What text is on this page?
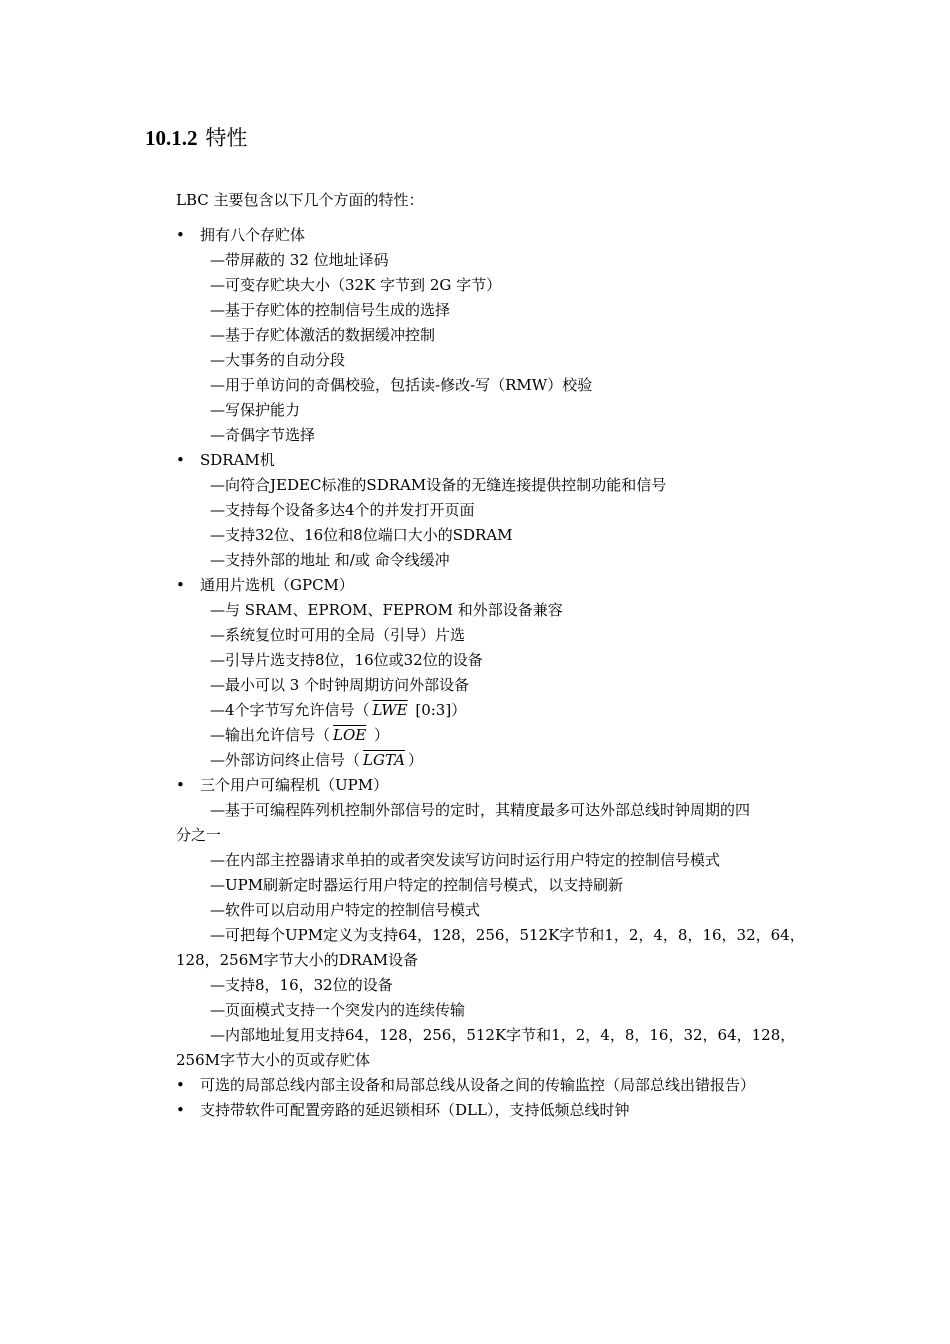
10.1.2 特性
LBC 主要包含以下几个方面的特性：
• 拥有八个存贮体
—带屏蔽的 32 位地址译码
—可变存贮块大小（32K 字节到 2G 字节）
—基于存贮体的控制信号生成的选择
—基于存贮体激活的数据缓冲控制
—大事务的自动分段
—用于单访问的奇偶校验，包括读-修改-写（RMW）校验
—写保护能力
—奇偶字节选择
• SDRAM机
—向符合JEDEC标准的SDRAM设备的无缝连接提供控制功能和信号
—支持每个设备多达4个的并发打开页面
—支持32位、16位和8位端口大小的SDRAM
—支持外部的地址 和/或 命令线缓冲
• 通用片选机（GPCM）
—与 SRAM、EPROM、FEPROM 和外部设备兼容
—系统复位时可用的全局（引导）片选
—引导片选支持8位，16位或32位的设备
—最小可以 3 个时钟周期访问外部设备
—4个字节写允许信号（ $\overline{LWE}$ [0:3]）
—输出允许信号（ $\overline{LOE}$ ）
—外部访问终止信号（ LGTA ）
• 三个用户可编程机（UPM）
—基于可编程阵列机控制外部信号的定时，其精度最多可达外部总线时钟周期的四
分之一
—在内部主控器请求单拍的或者突发读写访问时运行用户特定的控制信号模式
—UPM刷新定时器运行用户特定的控制信号模式，以支持刷新
—软件可以启动用户特定的控制信号模式
—可把每个UPM定义为支持64，128，256，512K字节和1，2，4，8，16，32，64，
128，256M字节大小的DRAM设备
—支持8，16，32位的设备
—页面模式支持一个突发内的连续传输
—内部地址复用支持64，128，256，512K字节和1，2，4，8，16，32，64，128，
256M字节大小的页或存贮体
• 可选的局部总线内部主设备和局部总线从设备之间的传输监控（局部总线出错报告）
• 支持带软件可配置旁路的延迟锁相环（DLL），支持低频总线时钟
